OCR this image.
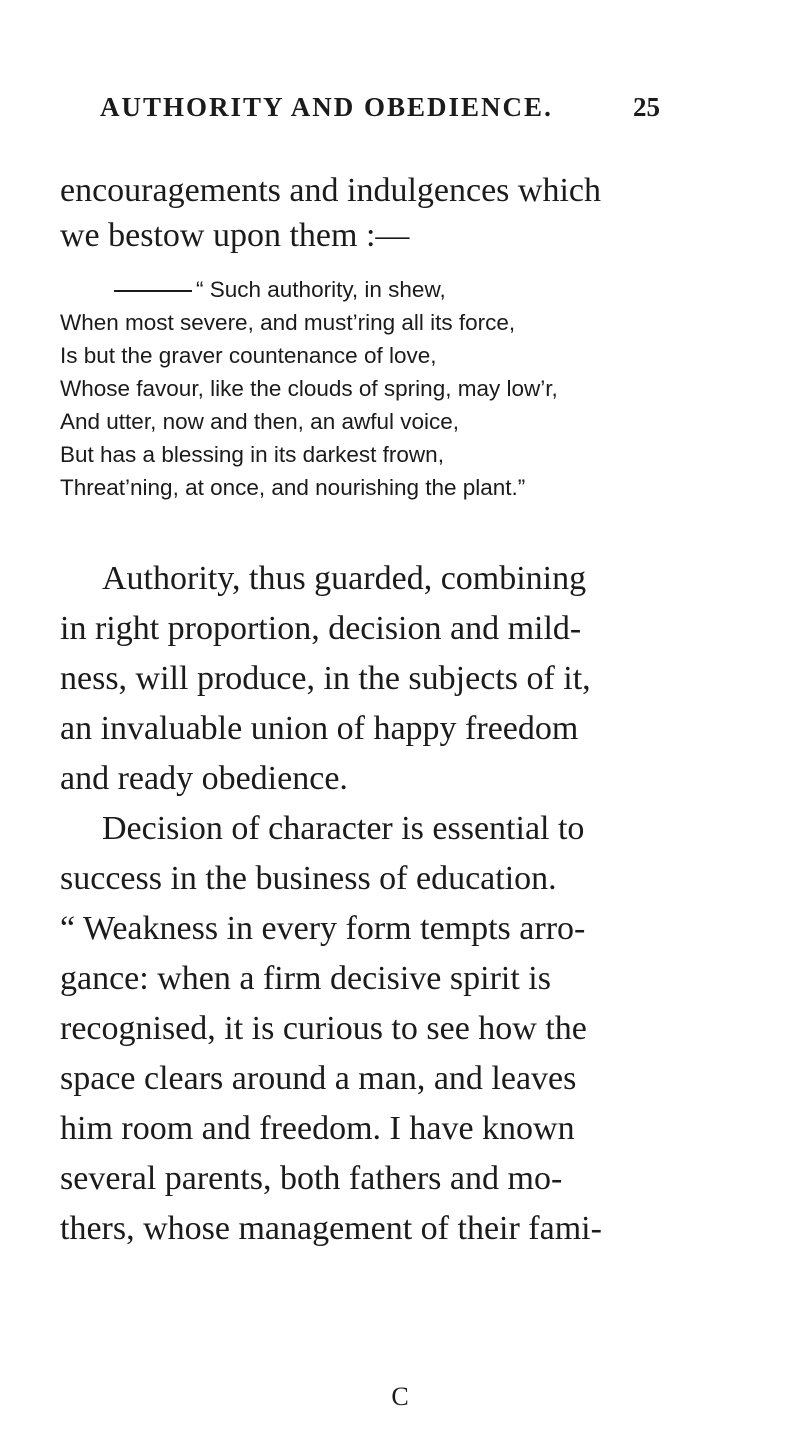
AUTHORITY AND OBEDIENCE.	25
encouragements and indulgences which
we bestow upon them :—
“ Such authority, in shew,
When most severe, and must’ring all its force,
Is but the graver countenance of love,
Whose favour, like the clouds of spring, may low’r,
And utter, now and then, an awful voice,
But has a blessing in its darkest frown,
Threat’ning, at once, and nourishing the plant.”
Authority, thus guarded, combining
in right proportion, decision and mild-
ness, will produce, in the subjects of it,
an invaluable union of happy freedom
and ready obedience.
Decision of character is essential to
success in the business of education.
“ Weakness in every form tempts arro-
gance: when a firm decisive spirit is
recognised, it is curious to see how the
space clears around a man, and leaves
him room and freedom. I have known
several parents, both fathers and mo-
thers, whose management of their fami-
C
